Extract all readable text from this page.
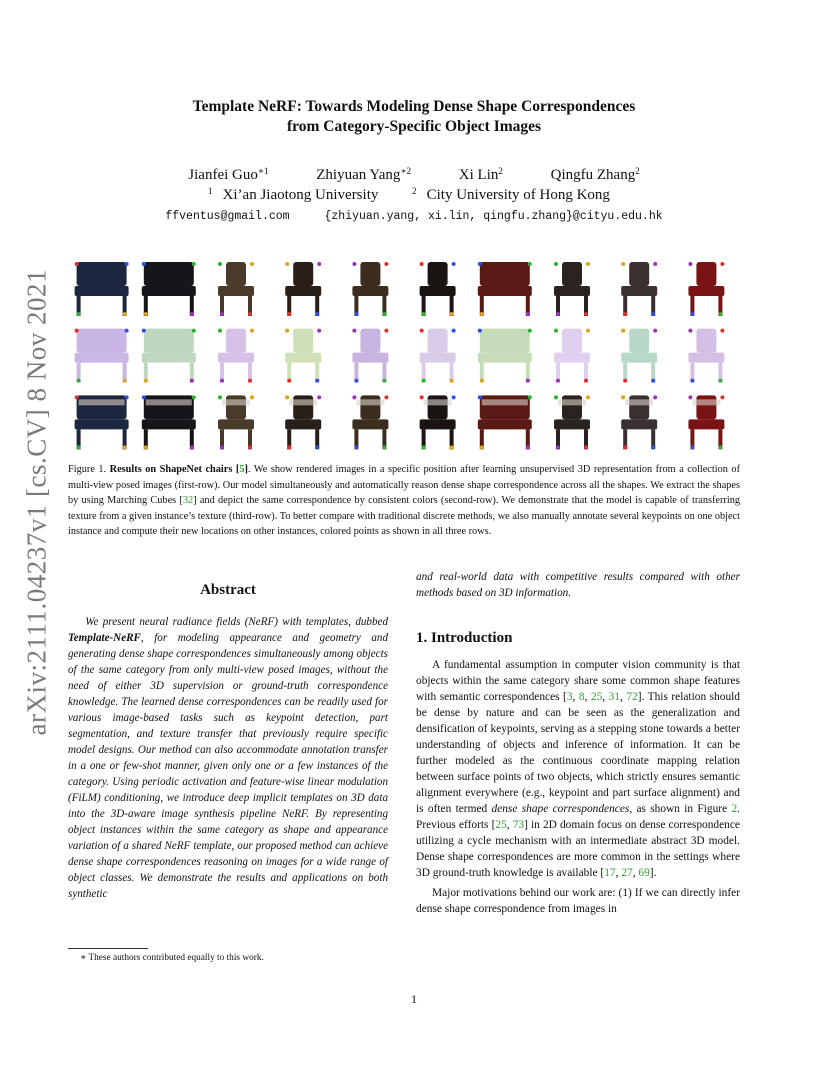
Template NeRF: Towards Modeling Dense Shape Correspondences
from Category-Specific Object Images
Jianfei Guo$^{∗1}$	Zhiyuan Yang$^{∗2}$	Xi Lin$^2$	Qingfu Zhang$^2$
$^1$ Xi’an Jiaotong University	$^2$ City University of Hong Kong
ffventus@gmail.com	{zhiyuan.yang, xi.lin, qingfu.zhang}@cityu.edu.hk
arXiv:2111.04237v1 [cs.CV] 8 Nov 2021 Figure 1. Results on ShapeNet chairs [5]. We show rendered images in a specific position after learning unsupervised 3D representation from a collection of multi-view posed images (first-row). Our model simultaneously and automatically reason dense shape correspondence across all the shapes. We extract the shapes by using Marching Cubes [32] and depict the same correspondence by consistent colors (second-row). We demonstrate that the model is capable of transferring texture from a given instance’s texture (third-row). To better compare with traditional discrete methods, we also manually annotate several keypoints on one object instance and compute their new locations on other instances, colored points as shown in all three rows.
Abstract
We present neural radiance fields (NeRF) with templates, dubbed Template-NeRF, for modeling appearance and geometry and generating dense shape correspondences simultaneously among objects of the same category from only multi-view posed images, without the need of either 3D supervision or ground-truth correspondence knowledge. The learned dense correspondences can be readily used for various image-based tasks such as keypoint detection, part segmentation, and texture transfer that previously require specific model designs. Our method can also accommodate annotation transfer in a one or few-shot manner, given only one or a few instances of the category. Using periodic activation and feature-wise linear modulation (FiLM) conditioning, we introduce deep implicit templates on 3D data into the 3D-aware image synthesis pipeline NeRF. By representing object instances within the same category as shape and appearance variation of a shared NeRF template, our proposed method can achieve dense shape correspondences reasoning on images for a wide range of object classes. We demonstrate the results and applications on both synthetic
and real-world data with competitive results compared with other methods based on 3D information.
1. Introduction

A fundamental assumption in computer vision community is that objects within the same category share some common shape features with semantic correspondences [3, 8, 25, 31, 72]. This relation should be dense by nature and can be seen as the generalization and densification of keypoints, serving as a stepping stone towards a better understanding of objects and inference of information. It can be further modeled as the continuous coordinate mapping relation between surface points of two objects, which strictly ensures semantic alignment everywhere (e.g., keypoint and part surface alignment) and is often termed dense shape correspondences, as shown in Figure 2. Previous efforts [25, 73] in 2D domain focus on dense correspondence utilizing a cycle mechanism with an intermediate abstract 3D model. Dense shape correspondences are more common in the settings where 3D ground-truth knowledge is available [17, 27, 69].

Major motivations behind our work are: (1) If we can directly infer dense shape correspondence from images in

∗ These authors contributed equally to this work.
1
